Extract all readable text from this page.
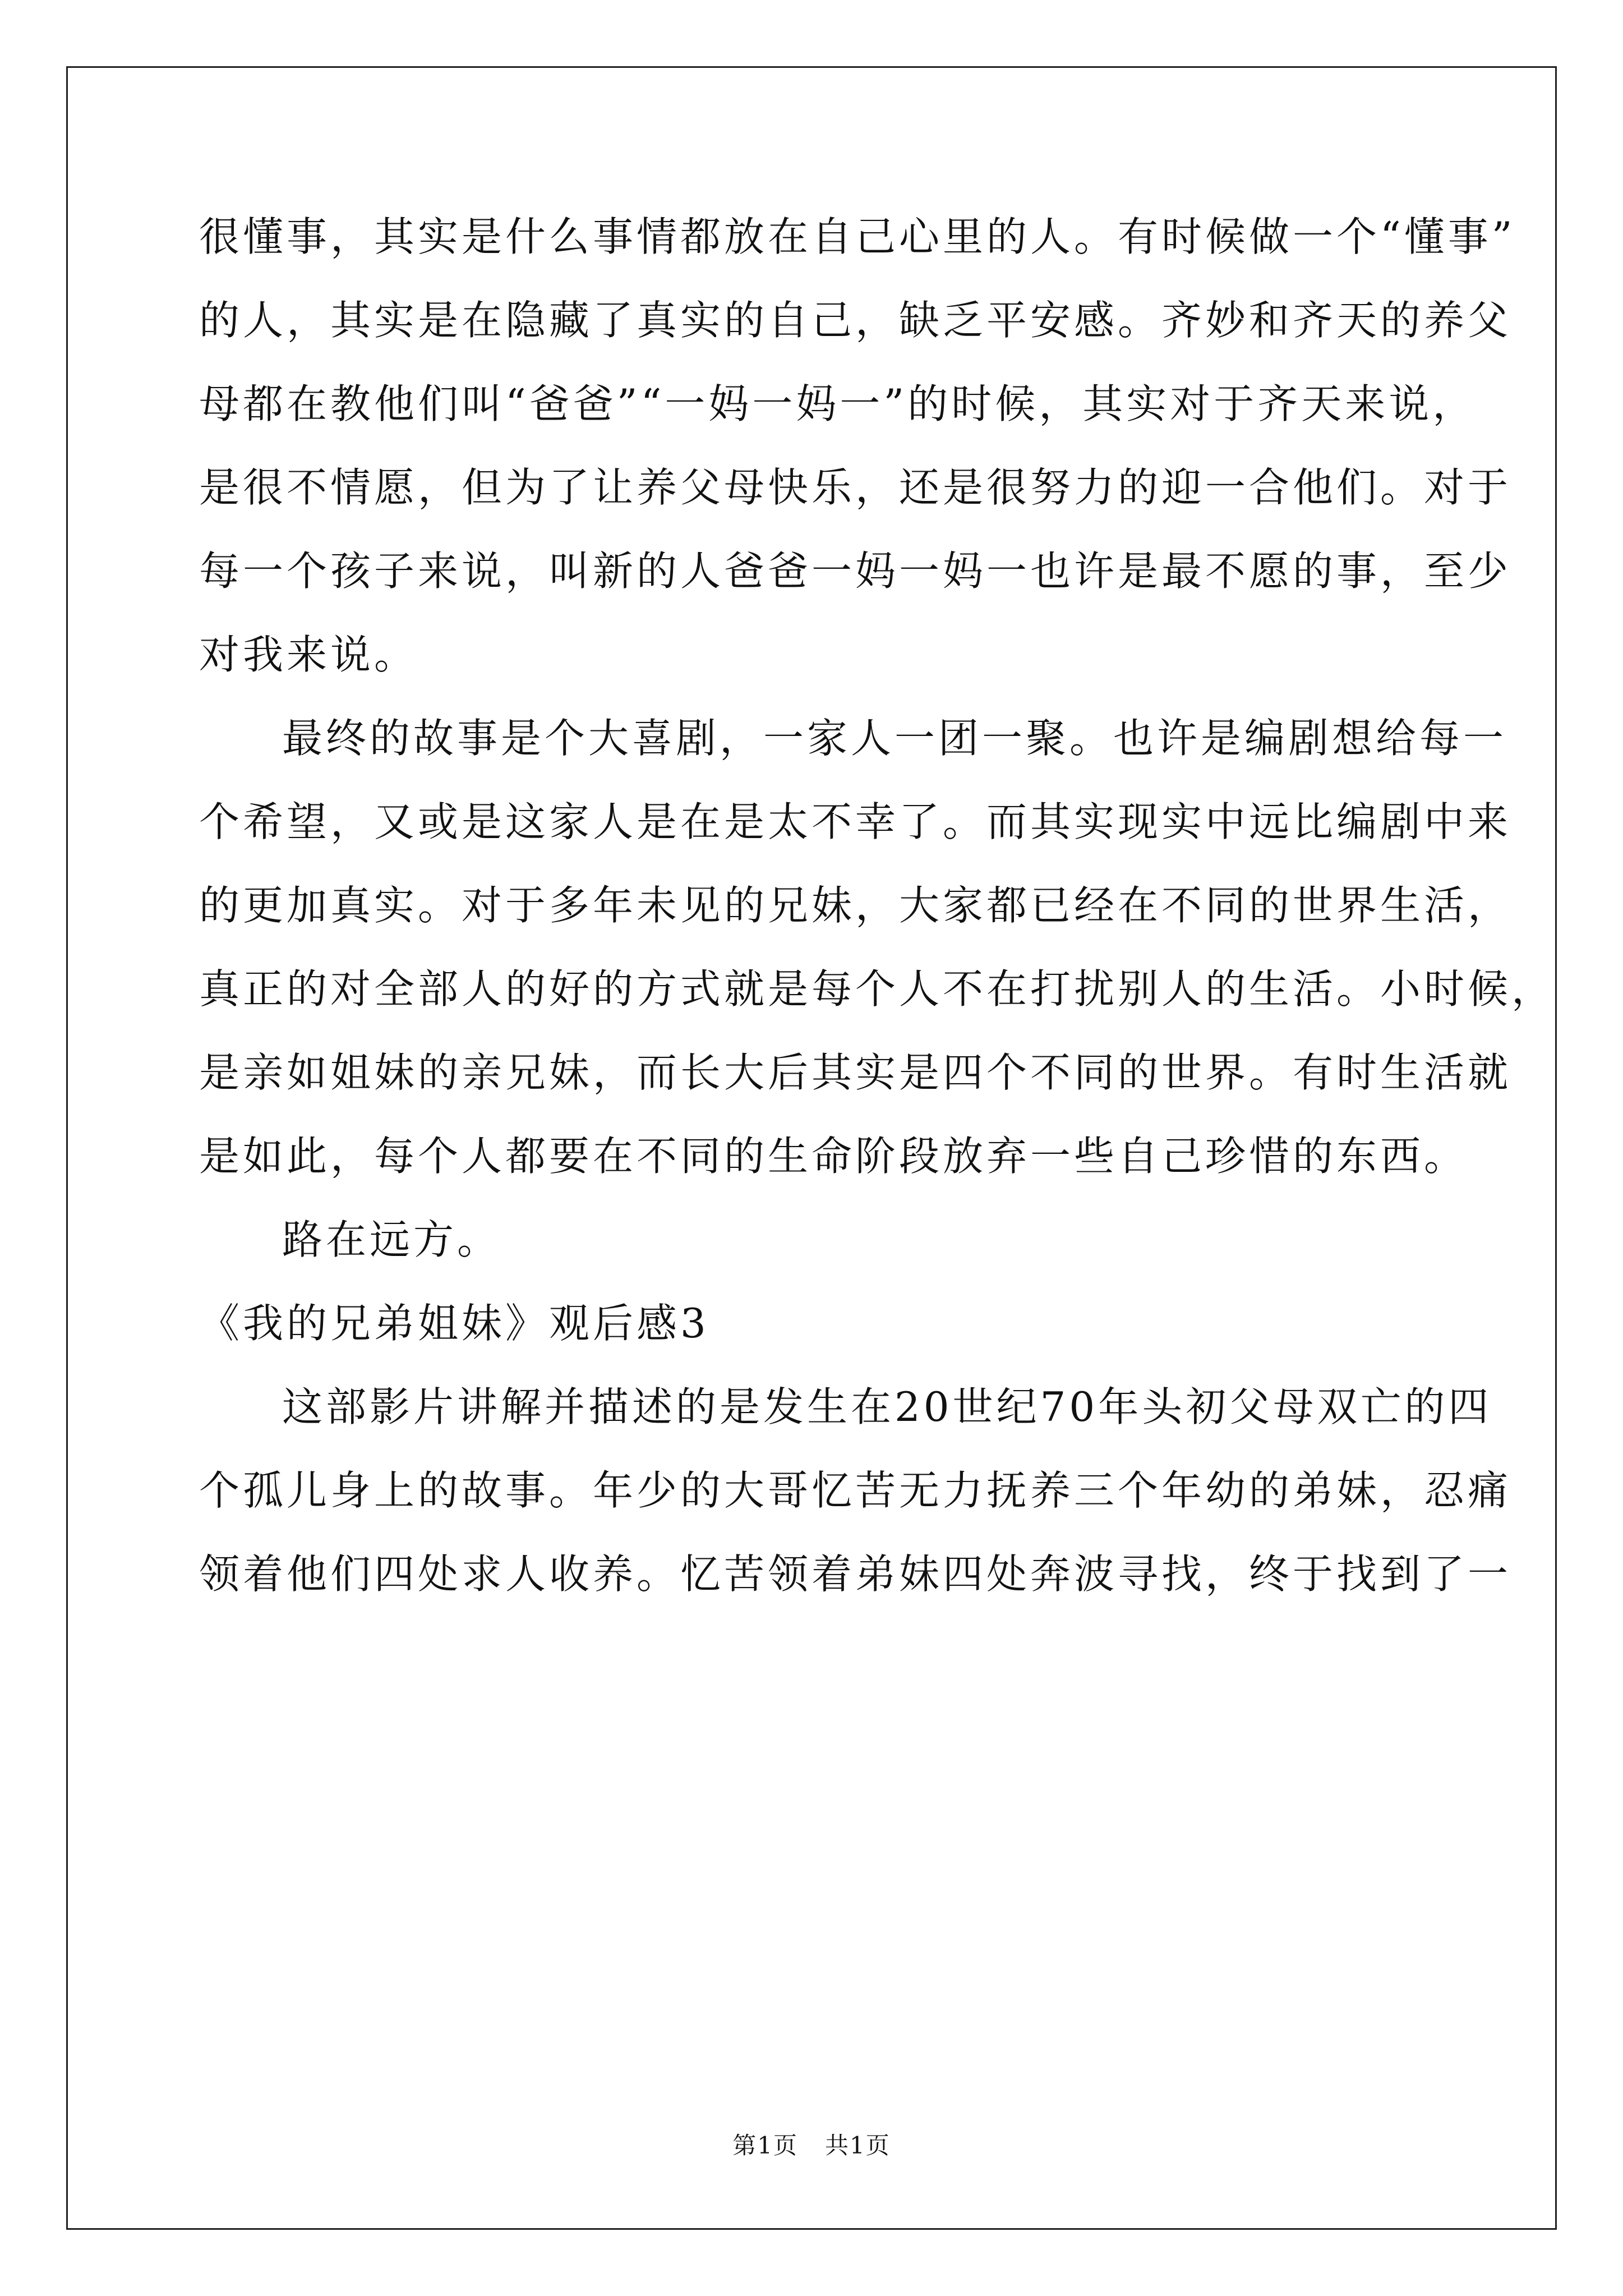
很懂事，其实是什么事情都放在自己心里的人。有时候做一个“懂事”
的人，其实是在隐藏了真实的自己，缺乏平安感。齐妙和齐天的养父
母都在教他们叫“爸爸”“一妈一妈一”的时候，其实对于齐天来说，
是很不情愿，但为了让养父母快乐，还是很努力的迎一合他们。对于
每一个孩子来说，叫新的人爸爸一妈一妈一也许是最不愿的事，至少
对我来说。
最终的故事是个大喜剧，一家人一团一聚。也许是编剧想给每一
个希望，又或是这家人是在是太不幸了。而其实现实中远比编剧中来
的更加真实。对于多年未见的兄妹，大家都已经在不同的世界生活，
真正的对全部人的好的方式就是每个人不在打扰别人的生活。小时候，
是亲如姐妹的亲兄妹，而长大后其实是四个不同的世界。有时生活就
是如此，每个人都要在不同的生命阶段放弃一些自己珍惜的东西。
路在远方。
《我的兄弟姐妹》观后感3
这部影片讲解并描述的是发生在20世纪70年头初父母双亡的四
个孤儿身上的故事。年少的大哥忆苦无力抚养三个年幼的弟妹，忍痛
领着他们四处求人收养。忆苦领着弟妹四处奔波寻找，终于找到了一
第1页 共1页
